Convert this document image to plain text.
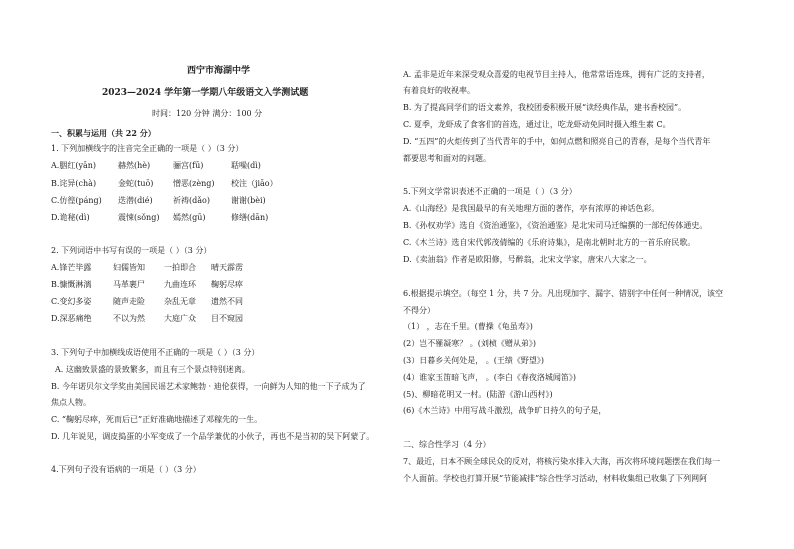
西宁市海湖中学
2023—2024 学年第一学期八年级语文入学测试题
时间：120 分钟 满分：100 分
一、积累与运用（共 22 分）
1. 下列加横线字的注音完全正确的一项是（ ）（3 分）
A.胭红(yān)	赫然(hè)	骊宫(fū)	聒噪(dì)
B.诧异(chà)	金蛇(tuō) 憎恶(zèng) 校注（jiāo）
C.仿徨(páng) 迭潜(dié)	祈祷(dǎo)	谢谢(bèi)
D.诡秘(dì)	震悚(sǒng) 嫣然(gū)	修缮(dān)
2. 下列词语中书写有误的一项是（ ）（3 分）
A.锋芒毕露	妇儒皆知 一拍即合 晴天霹雳
B.慷慨淋漓	马革裹尸 九曲连环 鞠躬尽瘁
C.变幻多姿	随声走险 杂乱无章 遗然不同
D.深恶痛绝	不以为然 大庭广众 目不窥园
3. 下列句子中加横线成语使用不正确的一项是（ ）（3 分）
A. 这幽致景盛的景致繁多，而且有三个景点特别迷离。
B. 今年诺贝尔文学奖由美国民谣艺术家鲍勃 · 迪伦获得，一向鲜为人知的他一下子成为了
焦点人物。
C. “鞠躬尽瘁，死而后已”正好准确地描述了邓稼先的一生。
D. 几年说见，调皮捣蛋的小军变成了一个品学兼优的小伙子，再也不是当初的吴下阿蒙了。
4.下列句子没有语病的一项是（ ）（3 分）
A. 孟非是近年来深受观众喜爱的电视节目主持人，他常常语连珠，拥有广泛的支持者，
有着良好的收视率。
B. 为了提高同学们的语文素养，我校团委积极开展“读经典作品，建书香校园”。
C. 夏季，龙虾成了食客们的首选，通过让，吃龙虾动免同时摄入维生素 C。
D. “五四”的火炬传到了当代青年的手中，如何点燃和照亮自己的青春，是每个当代青年
都要思考和面对的问题。
5.下列文学常识表述不正确的一项是（ ）（3 分）
A.《山海经》是我国最早的有关地理方面的著作，亭有浓厚的神话色彩。
B.《孙权劝学》选自《资治通鉴》，《资治通鉴》是北宋司马迁编撰的一部纪传体通史。
C.《木兰诗》选自宋代郭茂倩编的《乐府诗集》，是南北朝时北方的一首乐府民歌。
D.《卖油翁》作者是欧阳修，号醉翁，北宋文学家，唐宋八大家之一。
6.根据提示填空。（每空 1 分，共 7 分。凡出现加字、漏字、错别字中任何一种情况，该空
不得分）
（1） ，志在千里。(曹操《龟虽寿》)
(2）岂不罹凝寒？ 。(刘桢《赠从弟》)
(3）日暮乡关何处是， 。(王绩《野望》)
(4）谁家玉笛暗飞声， 。(李白《春夜洛城闻笛》)
(5)、柳暗花明又一村。(陆游《游山西村》)
(6)《木兰诗》中用写战斗激烈，战争旷日持久的句子是，
二、综合性学习（4 分）
7、最近，日本不顾全球民众的反对，将核污染水排入大海，再次将环境问题摆在我们每一
个人面前。学校也打算开展“节能减排”综合性学习活动，材料收集组已收集了下列网阿
